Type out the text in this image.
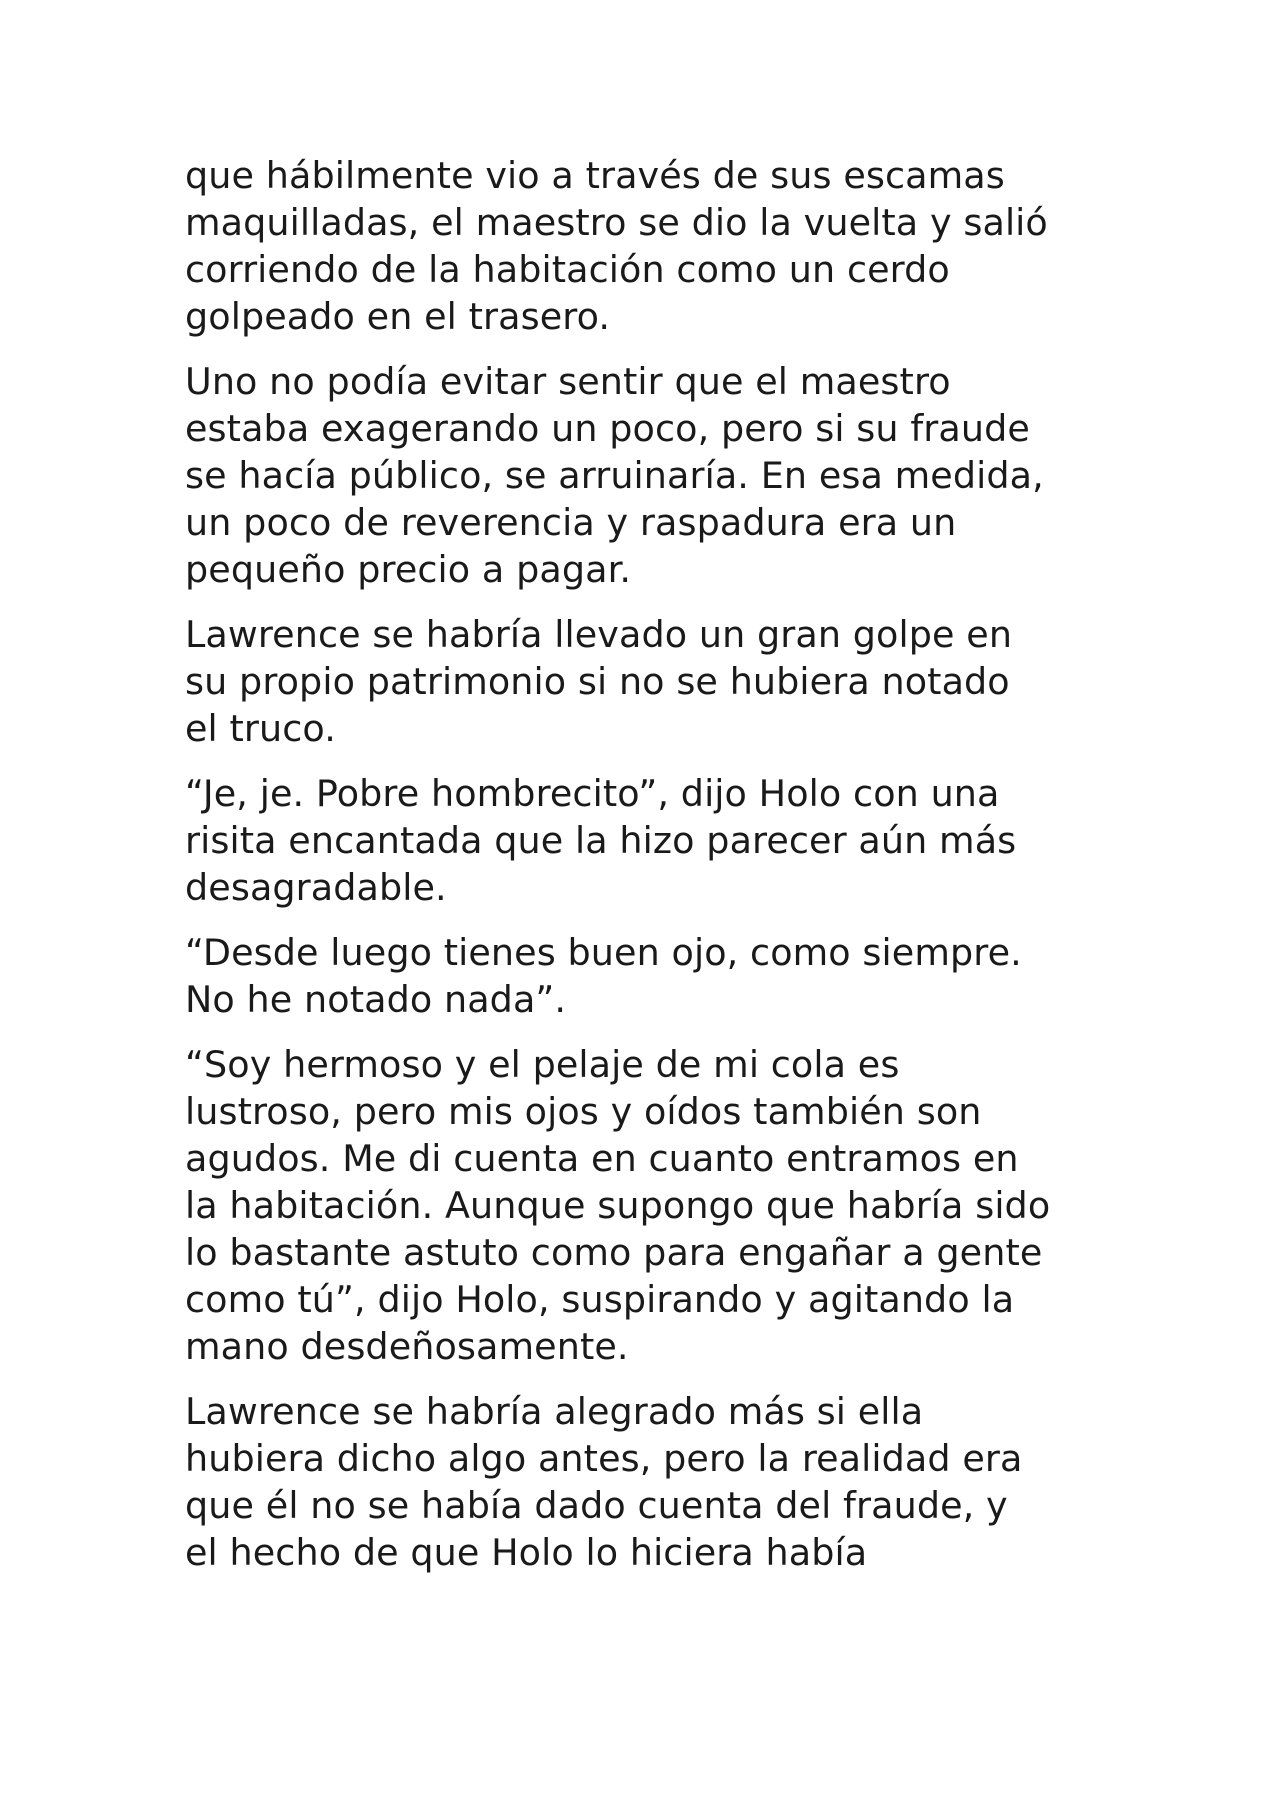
que hábilmente vio a través de sus escamas
maquilladas, el maestro se dio la vuelta y salió
corriendo de la habitación como un cerdo
golpeado en el trasero.

Uno no podía evitar sentir que el maestro
estaba exagerando un poco, pero si su fraude
se hacía público, se arruinaría. En esa medida,
un poco de reverencia y raspadura era un
pequeño precio a pagar.

Lawrence se habría llevado un gran golpe en
su propio patrimonio si no se hubiera notado
el truco.

“Je, je. Pobre hombrecito”, dijo Holo con una
risita encantada que la hizo parecer aún más
desagradable.

“Desde luego tienes buen ojo, como siempre.
No he notado nada”.

“Soy hermoso y el pelaje de mi cola es
lustroso, pero mis ojos y oídos también son
agudos. Me di cuenta en cuanto entramos en
la habitación. Aunque supongo que habría sido
lo bastante astuto como para engañar a gente
como tú”, dijo Holo, suspirando y agitando la
mano desdeñosamente.

Lawrence se habría alegrado más si ella
hubiera dicho algo antes, pero la realidad era
que él no se había dado cuenta del fraude, y
el hecho de que Holo lo hiciera había
